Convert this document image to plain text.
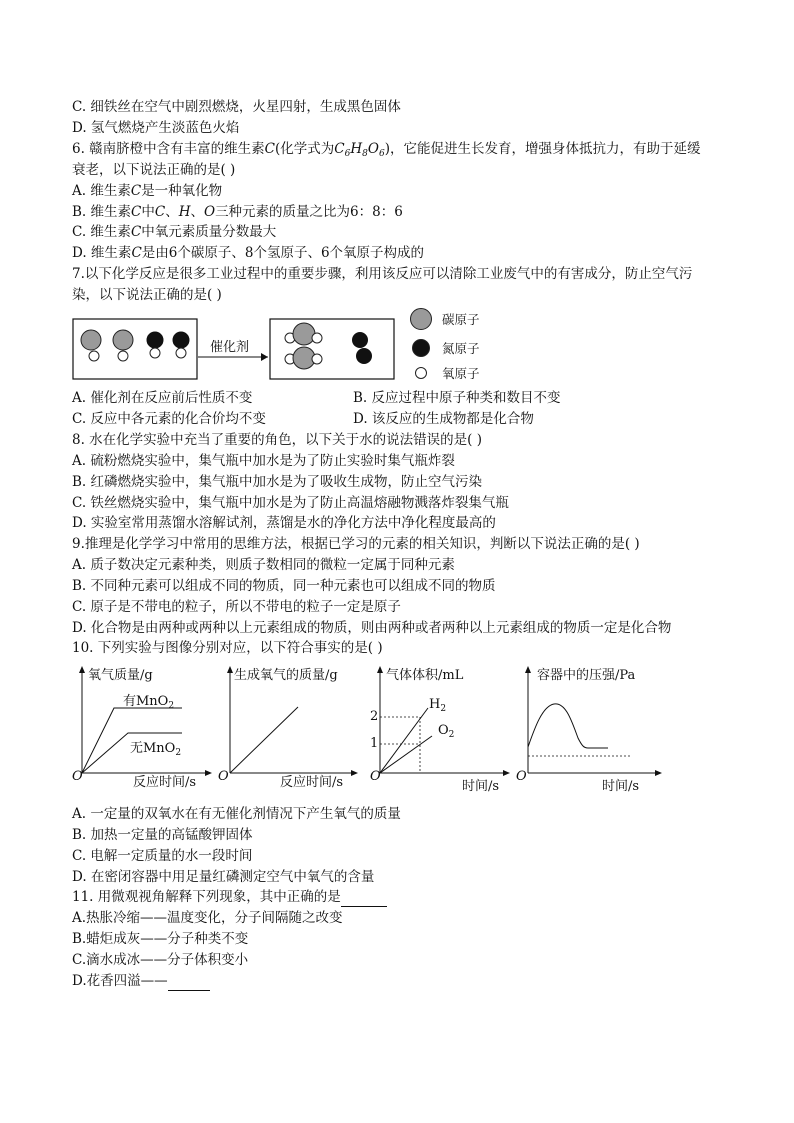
C. 细铁丝在空气中剧烈燃烧，火星四射，生成黑色固体
D. 氢气燃烧产生淡蓝色火焰
6. 赣南脐橙中含有丰富的维生素C(化学式为$C_6H_8O_6$)，它能促进生长发育，增强身体抵抗力，有助于延缓
衰老，以下说法正确的是( )
A. 维生素C是一种氧化物
B. 维生素C中C、H、O三种元素的质量之比为6：8：6
C. 维生素C中氧元素质量分数最大
D. 维生素C是由6个碳原子、8个氢原子、6个氧原子构成的
7.以下化学反应是很多工业过程中的重要步骤，利用该反应可以清除工业废气中的有害成分，防止空气污
染，以下说法正确的是( )
催化剂
碳原子
氮原子
氧原子
A. 催化剂在反应前后性质不变	B. 反应过程中原子种类和数目不变
C. 反应中各元素的化合价均不变	D. 该反应的生成物都是化合物
8. 水在化学实验中充当了重要的角色，以下关于水的说法错误的是( )
A. 硫粉燃烧实验中，集气瓶中加水是为了防止实验时集气瓶炸裂
B. 红磷燃烧实验中，集气瓶中加水是为了吸收生成物，防止空气污染
C. 铁丝燃烧实验中，集气瓶中加水是为了防止高温熔融物溅落炸裂集气瓶
D. 实验室常用蒸馏水溶解试剂，蒸馏是水的净化方法中净化程度最高的
9.推理是化学学习中常用的思维方法，根据已学习的元素的相关知识，判断以下说法正确的是( )
A. 质子数决定元素种类，则质子数相同的微粒一定属于同种元素
B. 不同种元素可以组成不同的物质，同一种元素也可以组成不同的物质
C. 原子是不带电的粒子，所以不带电的粒子一定是原子
D. 化合物是由两种或两种以上元素组成的物质，则由两种或者两种以上元素组成的物质一定是化合物
10. 下列实验与图像分别对应，以下符合事实的是( )
氧气质量/g
反应时间/s
O
有MnO$_2$
无MnO$_2$
生成氧气的质量/g
反应时间/s
O
气体体积/mL
时间/s
O
2
1
$H_2$
$O_2$
容器中的压强/Pa
时间/s
O
A. 一定量的双氧水在有无催化剂情况下产生氧气的质量
B. 加热一定量的高锰酸钾固体
C. 电解一定质量的水一段时间
D. 在密闭容器中用足量红磷测定空气中氧气的含量
11. 用微观视角解释下列现象，其中正确的是
A.热胀冷缩——温度变化，分子间隔随之改变
B.蜡炬成灰——分子种类不变
C.滴水成冰——分子体积变小
D.花香四溢——
